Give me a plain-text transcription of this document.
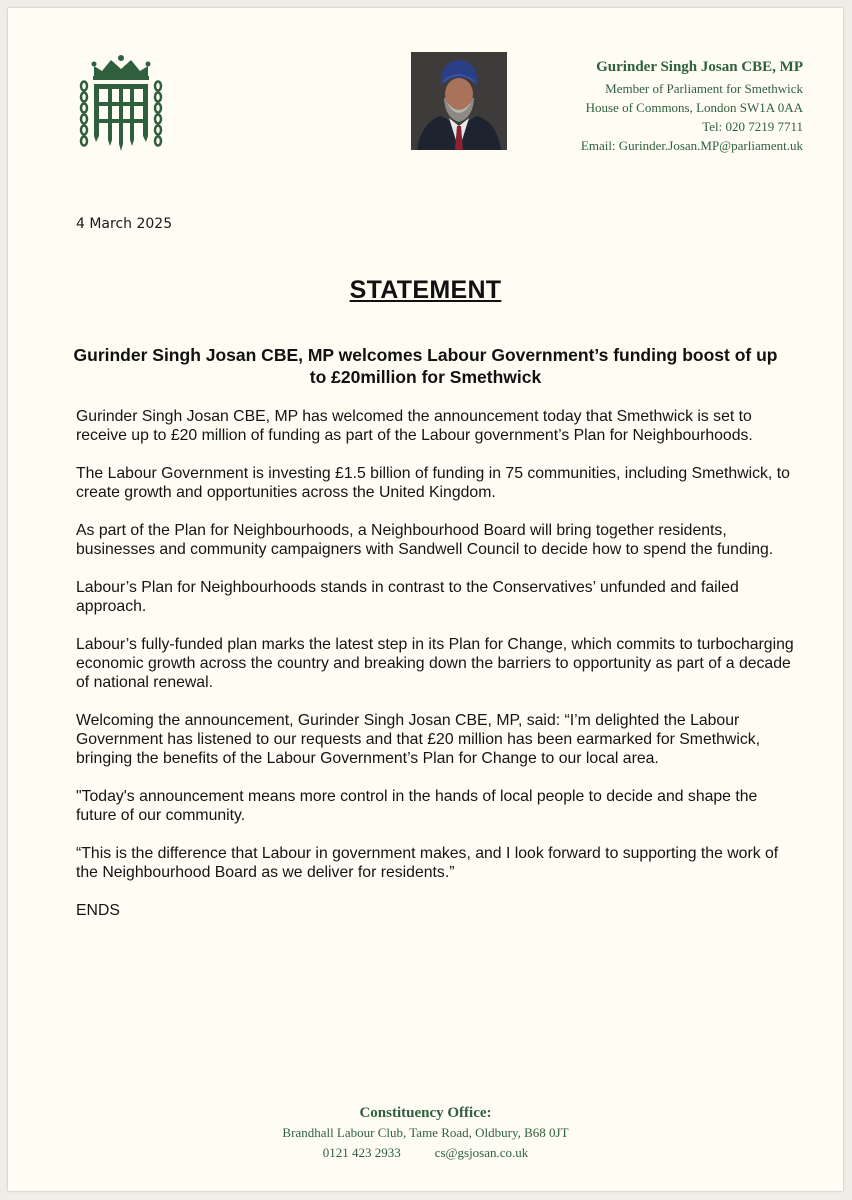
Gurinder Singh Josan CBE, MP
Member of Parliament for Smethwick
House of Commons, London SW1A 0AA
Tel: 020 7219 7711
Email: Gurinder.Josan.MP@parliament.uk
4 March 2025
STATEMENT
Gurinder Singh Josan CBE, MP welcomes Labour Government’s funding boost of up to £20million for Smethwick

Gurinder Singh Josan CBE, MP has welcomed the announcement today that Smethwick is set to receive up to £20 million of funding as part of the Labour government’s Plan for Neighbourhoods.

The Labour Government is investing £1.5 billion of funding in 75 communities, including Smethwick, to create growth and opportunities across the United Kingdom.

As part of the Plan for Neighbourhoods, a Neighbourhood Board will bring together residents, businesses and community campaigners with Sandwell Council to decide how to spend the funding.

Labour’s Plan for Neighbourhoods stands in contrast to the Conservatives’ unfunded and failed approach.

Labour’s fully-funded plan marks the latest step in its Plan for Change, which commits to turbocharging economic growth across the country and breaking down the barriers to opportunity as part of a decade of national renewal.

Welcoming the announcement, Gurinder Singh Josan CBE, MP, said: “I’m delighted the Labour Government has listened to our requests and that £20 million has been earmarked for Smethwick, bringing the benefits of the Labour Government’s Plan for Change to our local area.

"Today's announcement means more control in the hands of local people to decide and shape the future of our community.

“This is the difference that Labour in government makes, and I look forward to supporting the work of the Neighbourhood Board as we deliver for residents.”

ENDS

Constituency Office:
Brandhall Labour Club, Tame Road, Oldbury, B68 0JT
0121 423 2933	cs@gsjosan.co.uk
